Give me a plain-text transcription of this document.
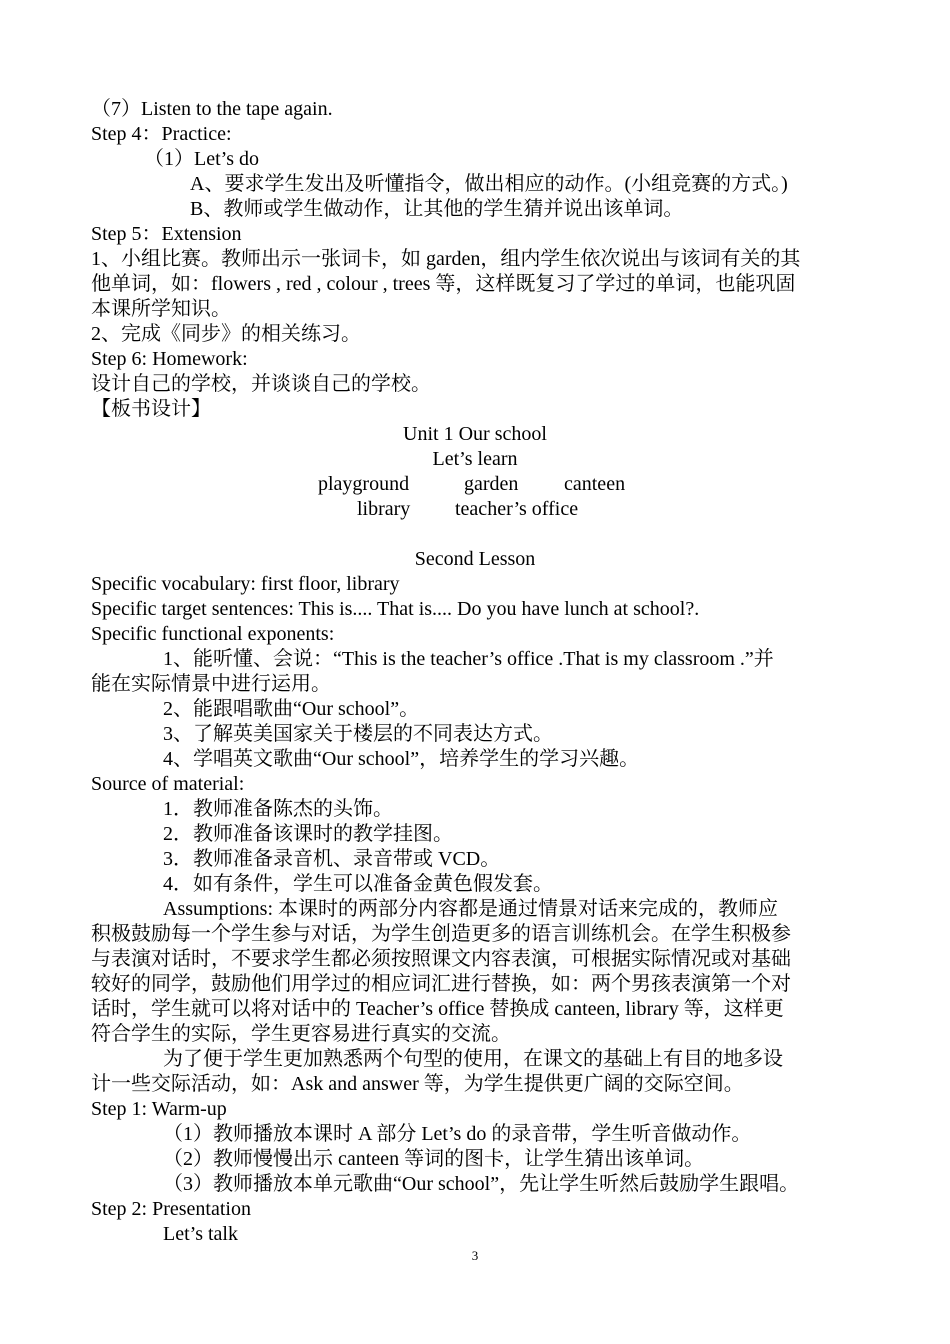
（7）Listen to the tape again.
Step 4：Practice:
（1）Let’s do
A、要求学生发出及听懂指令，做出相应的动作。(小组竞赛的方式。)
B、教师或学生做动作，让其他的学生猜并说出该单词。
Step 5：Extension
1、小组比赛。教师出示一张词卡，如 garden，组内学生依次说出与该词有关的其
他单词，如：flowers , red , colour , trees 等，这样既复习了学过的单词，也能巩固
本课所学知识。
2、完成《同步》的相关练习。
Step 6: Homework:
设计自己的学校，并谈谈自己的学校。
【板书设计】
Unit 1 Our school
Let’s learn
playground	garden canteen
library teacher’s office
Second Lesson
Specific vocabulary: first floor, library
Specific target sentences: This is.... That is.... Do you have lunch at school?.
Specific functional exponents:
1、能听懂、会说：“This is the teacher’s office .That is my classroom .”并
能在实际情景中进行运用。
2、能跟唱歌曲“Our school”。
3、了解英美国家关于楼层的不同表达方式。
4、学唱英文歌曲“Our school”，培养学生的学习兴趣。
Source of material:
1．教师准备陈杰的头饰。
2．教师准备该课时的教学挂图。
3．教师准备录音机、录音带或 VCD。
4．如有条件，学生可以准备金黄色假发套。
Assumptions: 本课时的两部分内容都是通过情景对话来完成的，教师应
积极鼓励每一个学生参与对话，为学生创造更多的语言训练机会。在学生积极参
与表演对话时，不要求学生都必须按照课文内容表演，可根据实际情况或对基础
较好的同学，鼓励他们用学过的相应词汇进行替换，如：两个男孩表演第一个对
话时，学生就可以将对话中的 Teacher’s office 替换成 canteen, library 等，这样更
符合学生的实际，学生更容易进行真实的交流。
为了便于学生更加熟悉两个句型的使用，在课文的基础上有目的地多设
计一些交际活动，如：Ask and answer 等，为学生提供更广阔的交际空间。
Step 1: Warm-up
（1）教师播放本课时 A 部分 Let’s do 的录音带，学生听音做动作。
（2）教师慢慢出示 canteen 等词的图卡，让学生猜出该单词。
（3）教师播放本单元歌曲“Our school”，先让学生听然后鼓励学生跟唱。
Step 2: Presentation
Let’s talk
3
